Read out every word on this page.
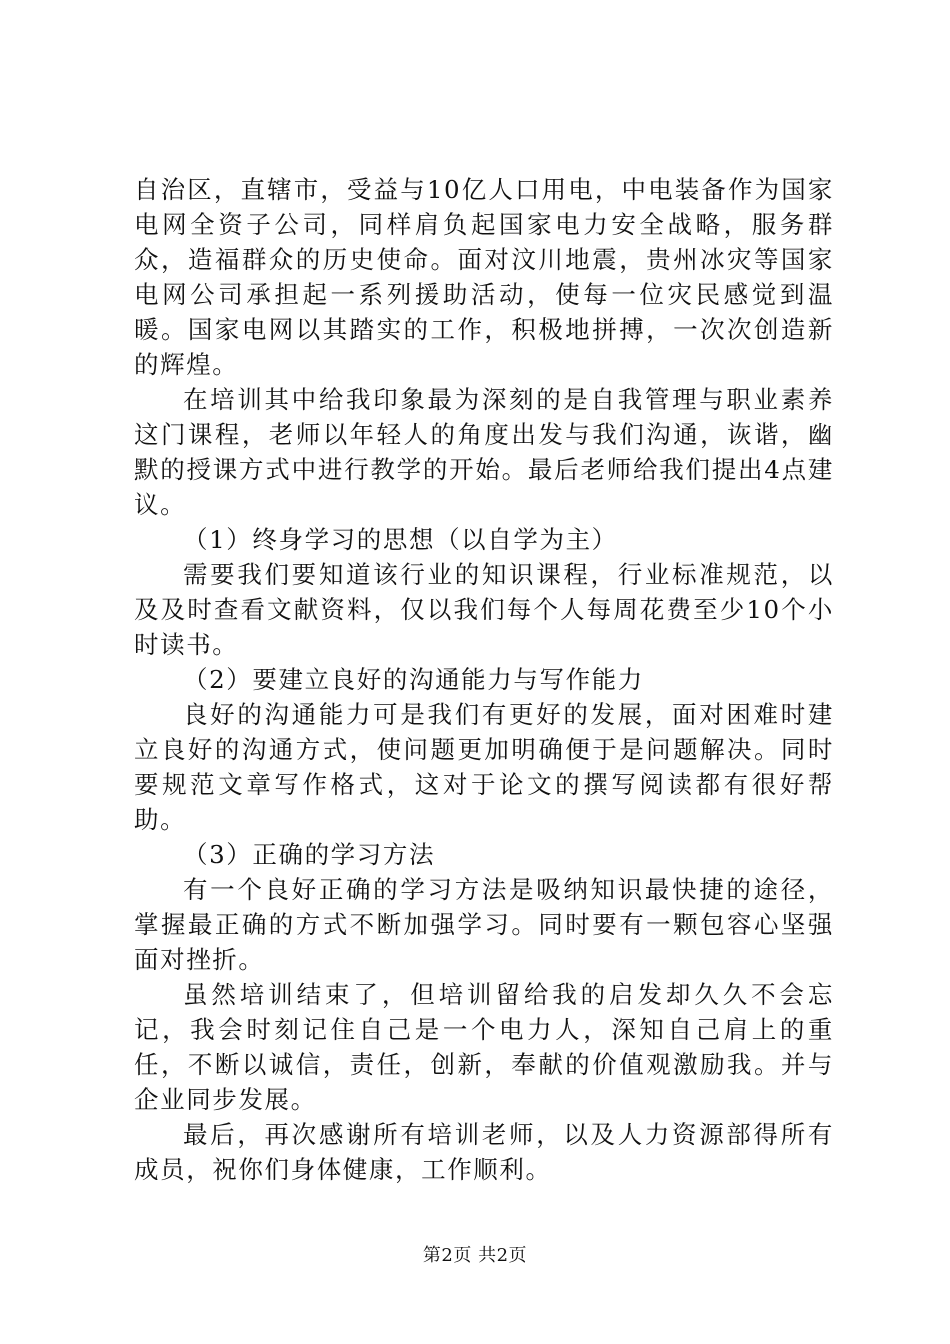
自治区，直辖市，受益与10亿人口用电，中电装备作为国家电网全资子公司，同样肩负起国家电力安全战略，服务群众，造福群众的历史使命。面对汶川地震，贵州冰灾等国家电网公司承担起一系列援助活动，使每一位灾民感觉到温暖。国家电网以其踏实的工作，积极地拼搏，一次次创造新的辉煌。

在培训其中给我印象最为深刻的是自我管理与职业素养这门课程，老师以年轻人的角度出发与我们沟通，诙谐，幽默的授课方式中进行教学的开始。最后老师给我们提出4点建议。

（1）终身学习的思想（以自学为主）

需要我们要知道该行业的知识课程，行业标准规范，以及及时查看文献资料，仅以我们每个人每周花费至少10个小时读书。

（2）要建立良好的沟通能力与写作能力

良好的沟通能力可是我们有更好的发展，面对困难时建立良好的沟通方式，使问题更加明确便于是问题解决。同时要规范文章写作格式，这对于论文的撰写阅读都有很好帮助。

（3）正确的学习方法

有一个良好正确的学习方法是吸纳知识最快捷的途径，掌握最正确的方式不断加强学习。同时要有一颗包容心坚强面对挫折。

虽然培训结束了，但培训留给我的启发却久久不会忘记，我会时刻记住自己是一个电力人，深知自己肩上的重任，不断以诚信，责任，创新，奉献的价值观激励我。并与企业同步发展。

最后，再次感谢所有培训老师，以及人力资源部得所有成员，祝你们身体健康，工作顺利。

第2页 共2页
